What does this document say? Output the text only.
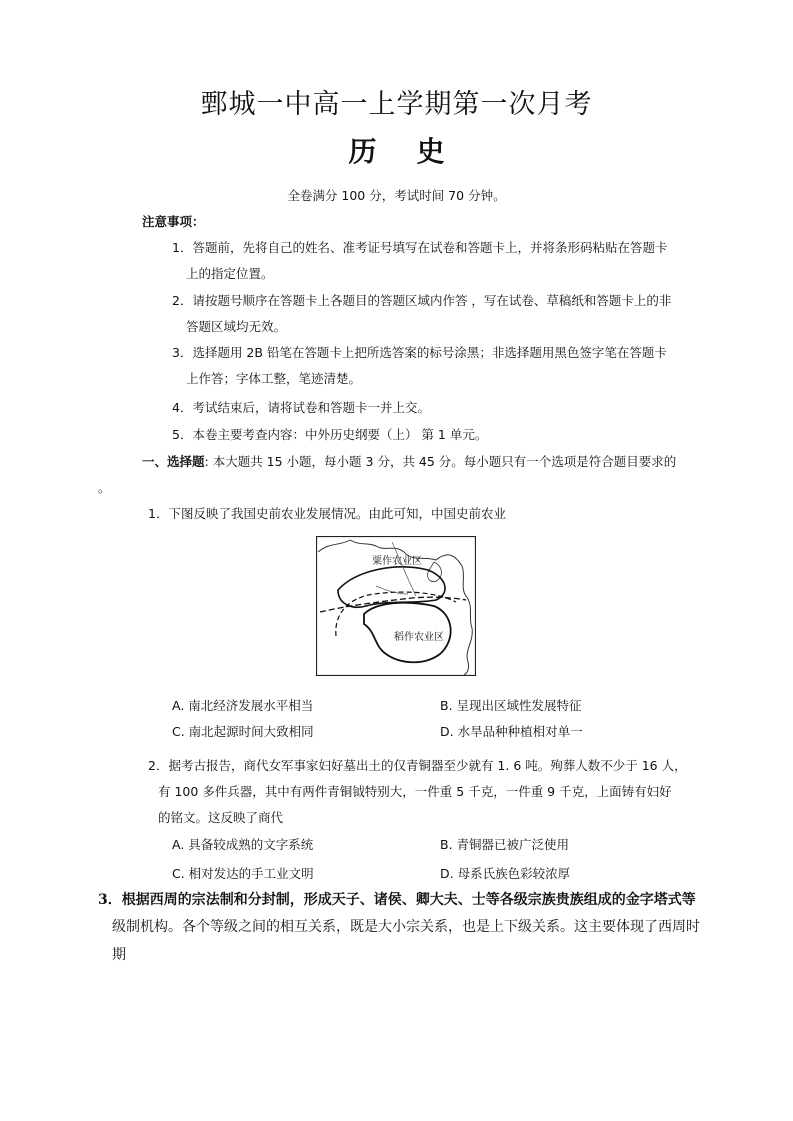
鄄城一中高一上学期第一次月考
历史
全卷满分 100 分，考试时间 70 分钟。
注意事项：
1．答题前，先将自己的姓名、准考证号填写在试卷和答题卡上，并将条形码粘贴在答题卡
上的指定位置。
2．请按题号顺序在答题卡上各题目的答题区域内作答 ，写在试卷、草稿纸和答题卡上的非
答题区域均无效。
3．选择题用 2B 铅笔在答题卡上把所选答案的标号涂黑；非选择题用黑色签字笔在答题卡
上作答；字体工整，笔迹清楚。
4．考试结束后，请将试卷和答题卡一并上交。
5．本卷主要考查内容：中外历史纲要（上） 第 1 单元。
一、选择题: 本大题共 15 小题，每小题 3 分，共 45 分。每小题只有一个选项是符合题目要求的
。
1．下图反映了我国史前农业发展情况。由此可知，中国史前农业
粟作农业区
稻作农业区
A. 南北经济发展水平相当	B. 呈现出区域性发展特征
C. 南北起源时间大致相同	D. 水旱品种种植相对单一
2．据考古报告，商代女军事家妇好墓出土的仅青铜器至少就有 1. 6 吨。殉葬人数不少于 16 人，
有 100 多件兵器，其中有两件青铜钺特别大，一件重 5 千克，一件重 9 千克，上面铸有妇好
的铭文。这反映了商代
A. 具备较成熟的文字系统	B. 青铜器已被广泛使用
C. 相对发达的手工业文明	D. 母系氏族色彩较浓厚
3．根据西周的宗法制和分封制，形成天子、诸侯、卿大夫、士等各级宗族贵族组成的金字塔式等
级制机构。各个等级之间的相互关系，既是大小宗关系，也是上下级关系。这主要体现了西周时
期
